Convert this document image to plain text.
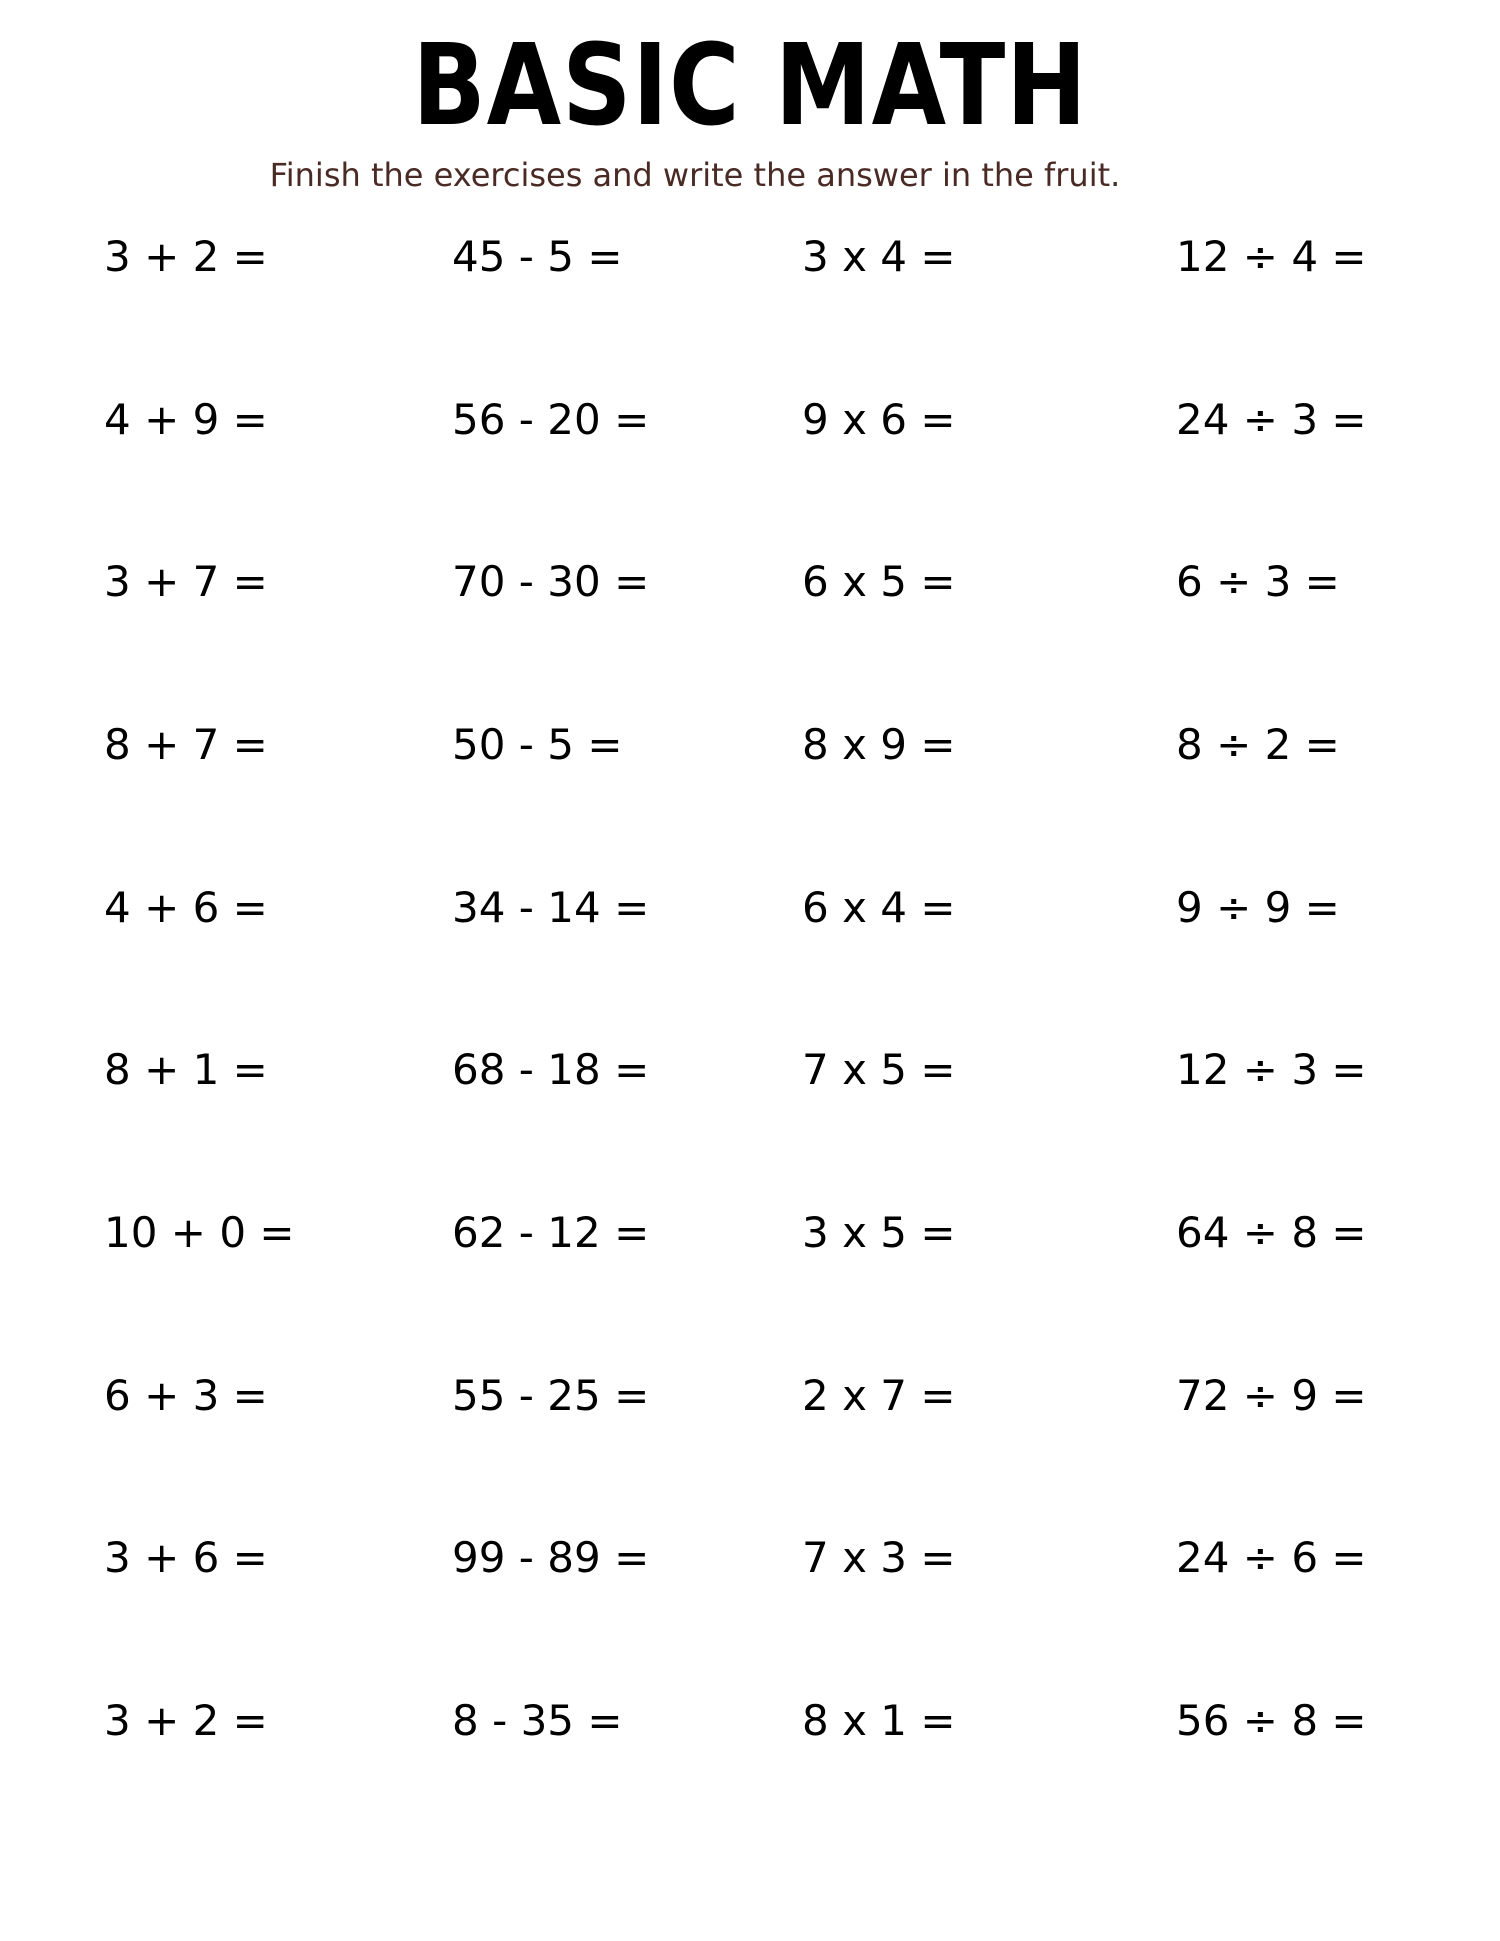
BASIC MATH

Finish the exercises and write the answer in the fruit.

3 + 2 =
4 + 9 =
3 + 7 =
8 + 7 =
4 + 6 =
8 + 1 =
10 + 0 =
6 + 3 =
3 + 6 =
3 + 2 =
45 - 5 =
56 - 20 =
70 - 30 =
50 - 5 =
34 - 14 =
68 - 18 =
62 - 12 =
55 - 25 =
99 - 89 =
8 - 35 =
3 x 4 =
9 x 6 =
6 x 5 =
8 x 9 =
6 x 4 =
7 x 5 =
3 x 5 =
2 x 7 =
7 x 3 =
8 x 1 =
12 ÷ 4 =
24 ÷ 3 =
6 ÷ 3 =
8 ÷ 2 =
9 ÷ 9 =
12 ÷ 3 =
64 ÷ 8 =
72 ÷ 9 =
24 ÷ 6 =
56 ÷ 8 =
